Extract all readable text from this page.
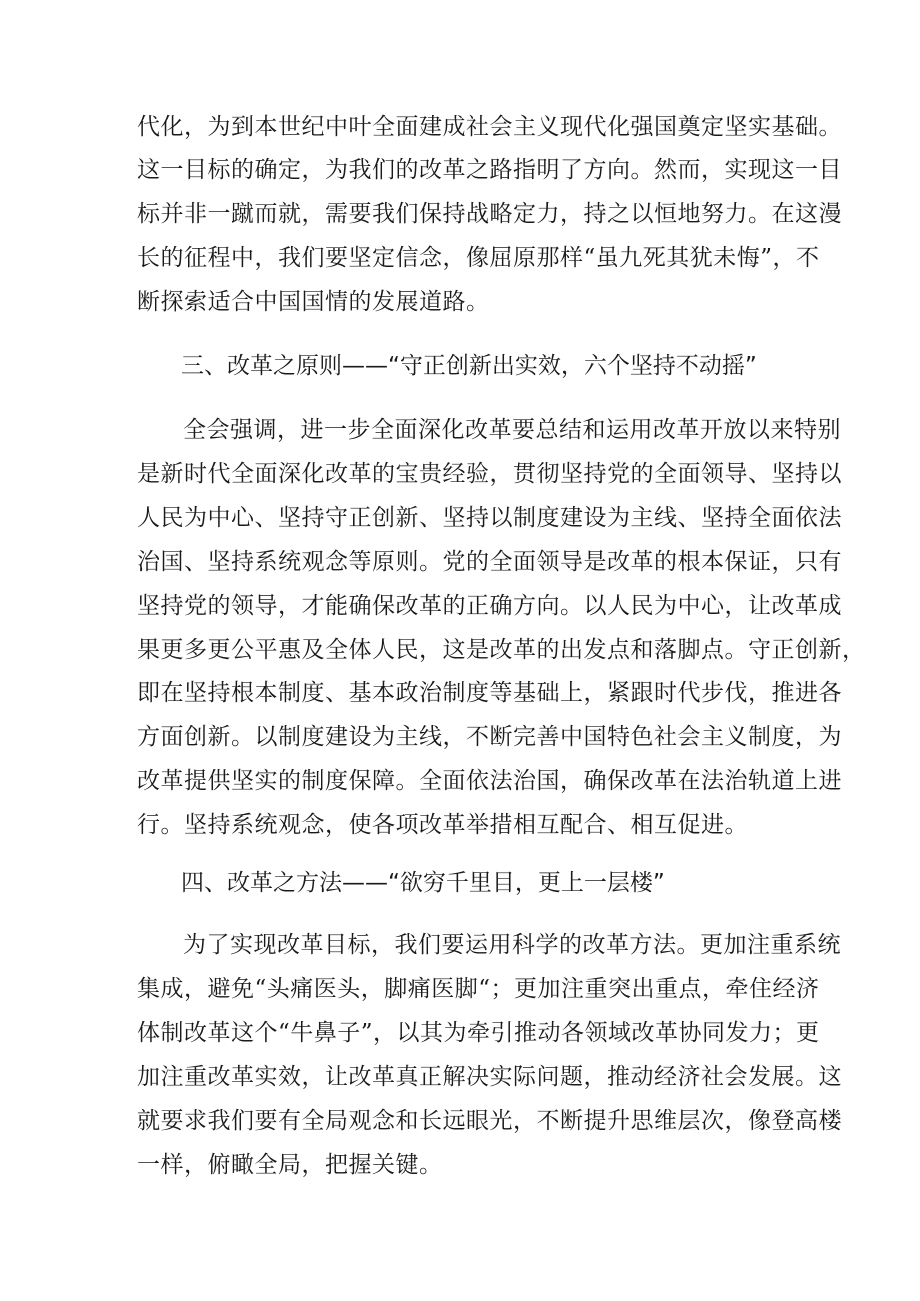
代化，为到本世纪中叶全面建成社会主义现代化强国奠定坚实基础。
这一目标的确定，为我们的改革之路指明了方向。然而，实现这一目
标并非一蹴而就，需要我们保持战略定力，持之以恒地努力。在这漫
长的征程中，我们要坚定信念，像屈原那样“虽九死其犹未悔”，不
断探索适合中国国情的发展道路。
三、改革之原则——“守正创新出实效，六个坚持不动摇”
全会强调，进一步全面深化改革要总结和运用改革开放以来特别
是新时代全面深化改革的宝贵经验，贯彻坚持党的全面领导、坚持以
人民为中心、坚持守正创新、坚持以制度建设为主线、坚持全面依法
治国、坚持系统观念等原则。党的全面领导是改革的根本保证，只有
坚持党的领导，才能确保改革的正确方向。以人民为中心，让改革成
果更多更公平惠及全体人民，这是改革的出发点和落脚点。守正创新，
即在坚持根本制度、基本政治制度等基础上，紧跟时代步伐，推进各
方面创新。以制度建设为主线，不断完善中国特色社会主义制度，为
改革提供坚实的制度保障。全面依法治国，确保改革在法治轨道上进
行。坚持系统观念，使各项改革举措相互配合、相互促进。
四、改革之方法——“欲穷千里目，更上一层楼”
为了实现改革目标，我们要运用科学的改革方法。更加注重系统
集成，避免“头痛医头，脚痛医脚“；更加注重突出重点，牵住经济
体制改革这个“牛鼻子”，以其为牵引推动各领域改革协同发力；更
加注重改革实效，让改革真正解决实际问题，推动经济社会发展。这
就要求我们要有全局观念和长远眼光，不断提升思维层次，像登高楼
一样，俯瞰全局，把握关键。
